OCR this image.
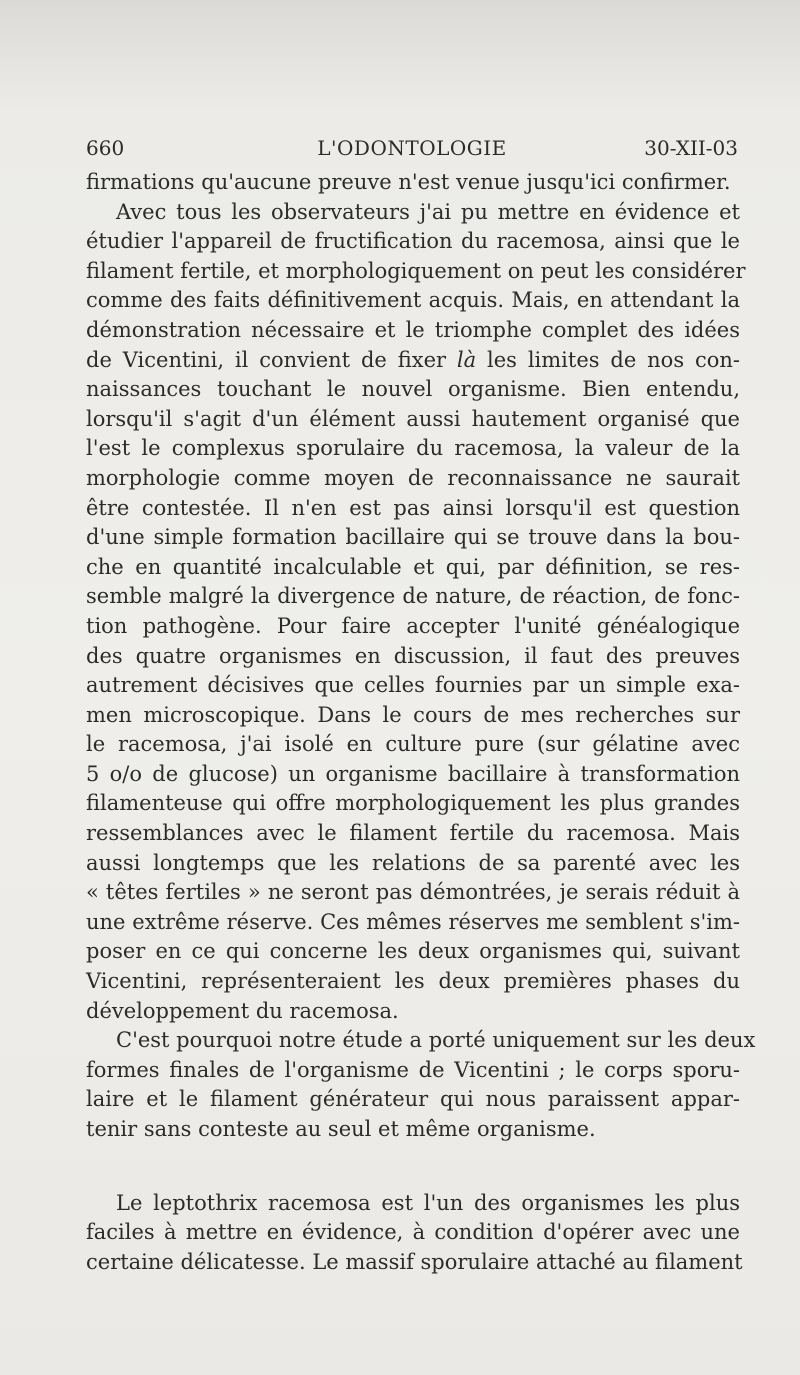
660	L'ODONTOLOGIE	30-XII-03
firmations qu'aucune preuve n'est venue jusqu'ici confirmer.
Avec tous les observateurs j'ai pu mettre en évidence et
étudier l'appareil de fructification du racemosa, ainsi que le
filament fertile, et morphologiquement on peut les considérer
comme des faits définitivement acquis. Mais, en attendant la
démonstration nécessaire et le triomphe complet des idées
de Vicentini, il convient de fixer là les limites de nos con-
naissances touchant le nouvel organisme. Bien entendu,
lorsqu'il s'agit d'un élément aussi hautement organisé que
l'est le complexus sporulaire du racemosa, la valeur de la
morphologie comme moyen de reconnaissance ne saurait
être contestée. Il n'en est pas ainsi lorsqu'il est question
d'une simple formation bacillaire qui se trouve dans la bou-
che en quantité incalculable et qui, par définition, se res-
semble malgré la divergence de nature, de réaction, de fonc-
tion pathogène. Pour faire accepter l'unité généalogique
des quatre organismes en discussion, il faut des preuves
autrement décisives que celles fournies par un simple exa-
men microscopique. Dans le cours de mes recherches sur
le racemosa, j'ai isolé en culture pure (sur gélatine avec
5 o/o de glucose) un organisme bacillaire à transformation
filamenteuse qui offre morphologiquement les plus grandes
ressemblances avec le filament fertile du racemosa. Mais
aussi longtemps que les relations de sa parenté avec les
« têtes fertiles » ne seront pas démontrées, je serais réduit à
une extrême réserve. Ces mêmes réserves me semblent s'im-
poser en ce qui concerne les deux organismes qui, suivant
Vicentini, représenteraient les deux premières phases du
développement du racemosa.
C'est pourquoi notre étude a porté uniquement sur les deux
formes finales de l'organisme de Vicentini ; le corps sporu-
laire et le filament générateur qui nous paraissent appar-
tenir sans conteste au seul et même organisme.
Le leptothrix racemosa est l'un des organismes les plus
faciles à mettre en évidence, à condition d'opérer avec une
certaine délicatesse. Le massif sporulaire attaché au filament
